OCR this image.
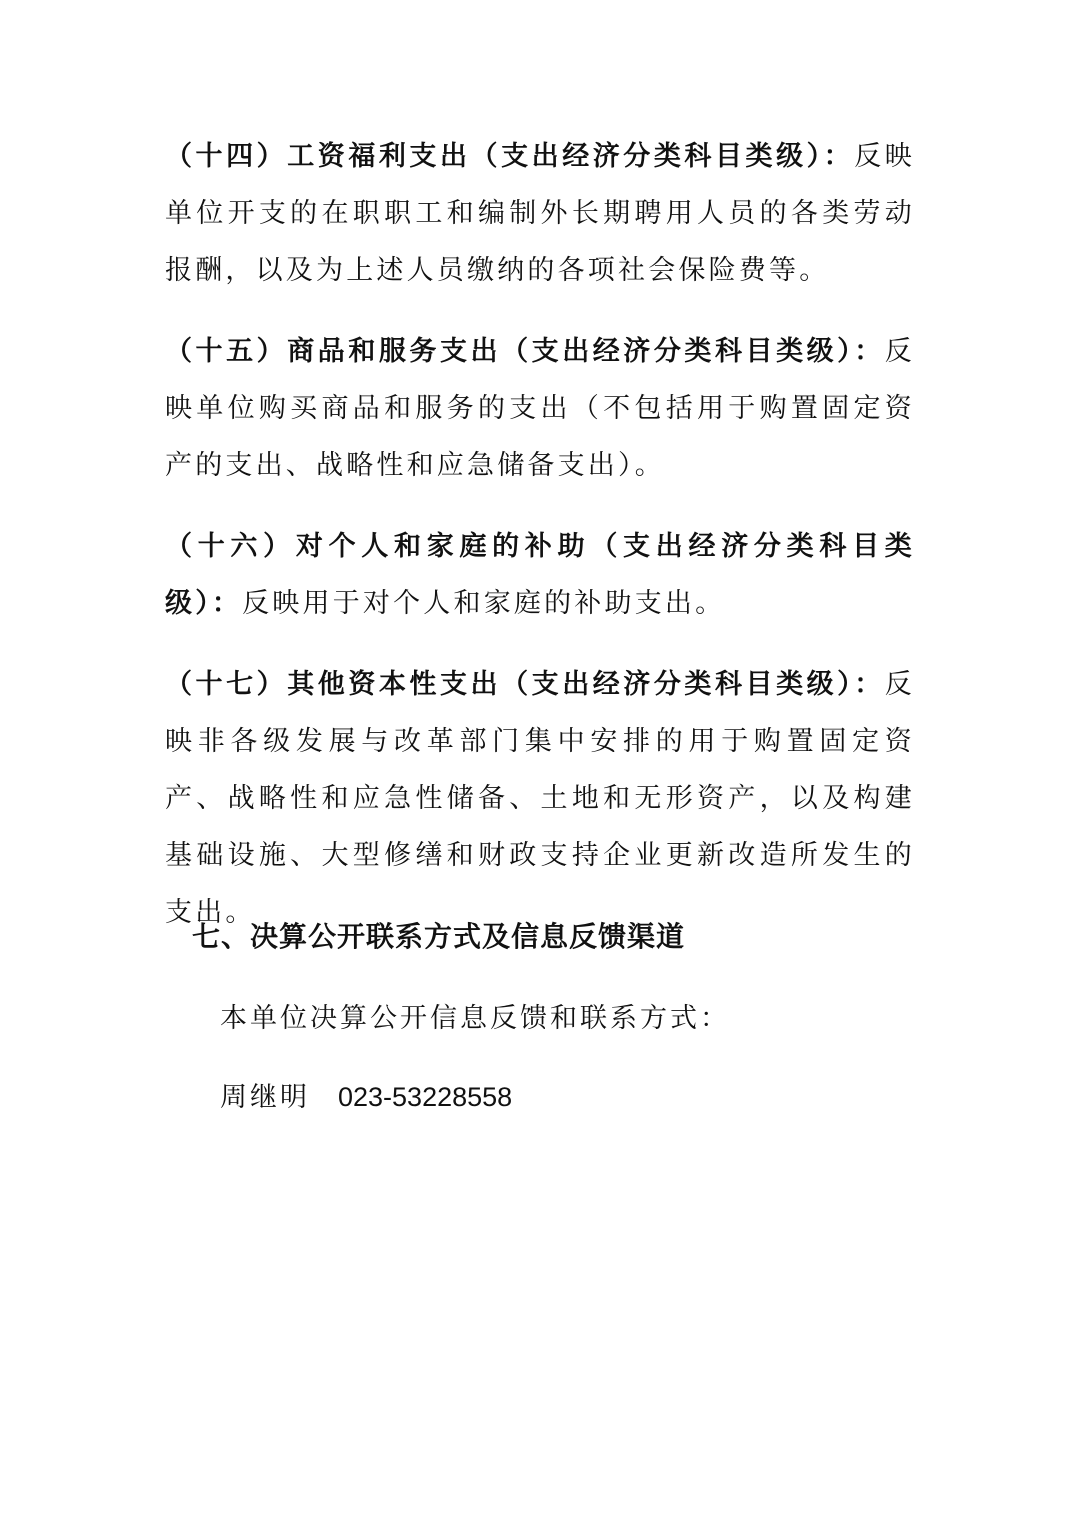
（十四）工资福利支出（支出经济分类科目类级）：反映单位开支的在职职工和编制外长期聘用人员的各类劳动报酬，以及为上述人员缴纳的各项社会保险费等。

（十五）商品和服务支出（支出经济分类科目类级）：反映单位购买商品和服务的支出（不包括用于购置固定资产的支出、战略性和应急储备支出）。

（十六）对个人和家庭的补助（支出经济分类科目类级）：反映用于对个人和家庭的补助支出。

（十七）其他资本性支出（支出经济分类科目类级）：反映非各级发展与改革部门集中安排的用于购置固定资产、战略性和应急性储备、土地和无形资产，以及构建基础设施、大型修缮和财政支持企业更新改造所发生的支出。

七、决算公开联系方式及信息反馈渠道
本单位决算公开信息反馈和联系方式：
周继明 023-53228558
